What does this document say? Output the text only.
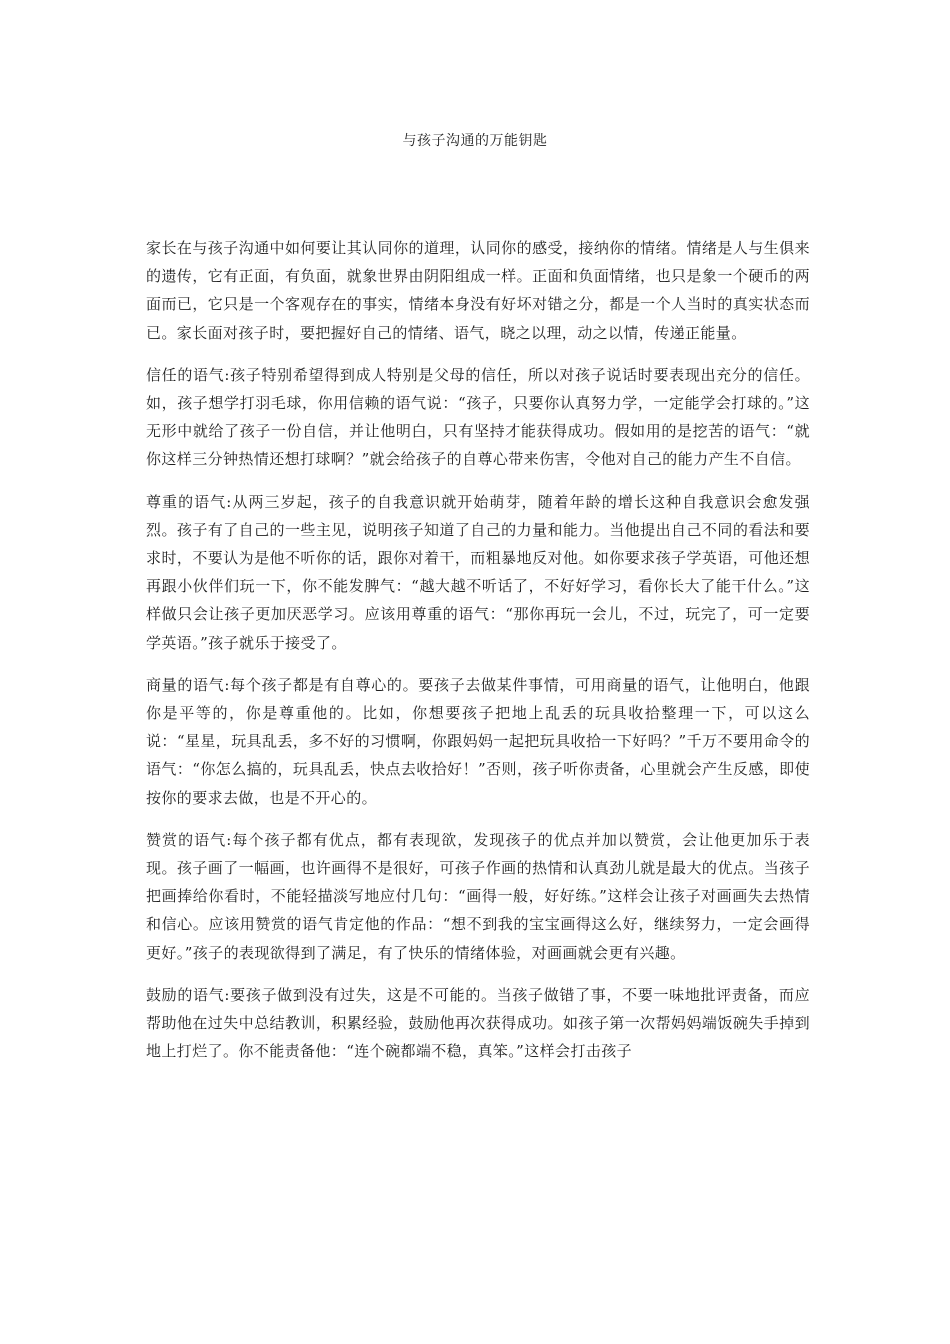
与孩子沟通的万能钥匙

家长在与孩子沟通中如何要让其认同你的道理，认同你的感受，接纳你的情绪。情绪是人与生俱来的遗传，它有正面，有负面，就象世界由阴阳组成一样。正面和负面情绪，也只是象一个硬币的两面而已，它只是一个客观存在的事实，情绪本身没有好坏对错之分，都是一个人当时的真实状态而已。家长面对孩子时，要把握好自己的情绪、语气，晓之以理，动之以情，传递正能量。

信任的语气:孩子特别希望得到成人特别是父母的信任，所以对孩子说话时要表现出充分的信任。如，孩子想学打羽毛球，你用信赖的语气说：“孩子，只要你认真努力学，一定能学会打球的。”这无形中就给了孩子一份自信，并让他明白，只有坚持才能获得成功。假如用的是挖苦的语气：“就你这样三分钟热情还想打球啊？”就会给孩子的自尊心带来伤害，令他对自己的能力产生不自信。

尊重的语气:从两三岁起，孩子的自我意识就开始萌芽，随着年龄的增长这种自我意识会愈发强烈。孩子有了自己的一些主见，说明孩子知道了自己的力量和能力。当他提出自己不同的看法和要求时，不要认为是他不听你的话，跟你对着干，而粗暴地反对他。如你要求孩子学英语，可他还想再跟小伙伴们玩一下，你不能发脾气：“越大越不听话了，不好好学习，看你长大了能干什么。”这样做只会让孩子更加厌恶学习。应该用尊重的语气：“那你再玩一会儿，不过，玩完了，可一定要学英语。”孩子就乐于接受了。

商量的语气:每个孩子都是有自尊心的。要孩子去做某件事情，可用商量的语气，让他明白，他跟你是平等的，你是尊重他的。比如，你想要孩子把地上乱丢的玩具收拾整理一下，可以这么说：“星星，玩具乱丢，多不好的习惯啊，你跟妈妈一起把玩具收拾一下好吗？”千万不要用命令的语气：“你怎么搞的，玩具乱丢，快点去收拾好！”否则，孩子听你责备，心里就会产生反感，即使按你的要求去做，也是不开心的。

赞赏的语气:每个孩子都有优点，都有表现欲，发现孩子的优点并加以赞赏，会让他更加乐于表现。孩子画了一幅画，也许画得不是很好，可孩子作画的热情和认真劲儿就是最大的优点。当孩子把画捧给你看时，不能轻描淡写地应付几句：“画得一般，好好练。”这样会让孩子对画画失去热情和信心。应该用赞赏的语气肯定他的作品：“想不到我的宝宝画得这么好，继续努力，一定会画得更好。”孩子的表现欲得到了满足，有了快乐的情绪体验，对画画就会更有兴趣。

鼓励的语气:要孩子做到没有过失，这是不可能的。当孩子做错了事，不要一味地批评责备，而应帮助他在过失中总结教训，积累经验，鼓励他再次获得成功。如孩子第一次帮妈妈端饭碗失手掉到地上打烂了。你不能责备他：“连个碗都端不稳，真笨。”这样会打击孩子
